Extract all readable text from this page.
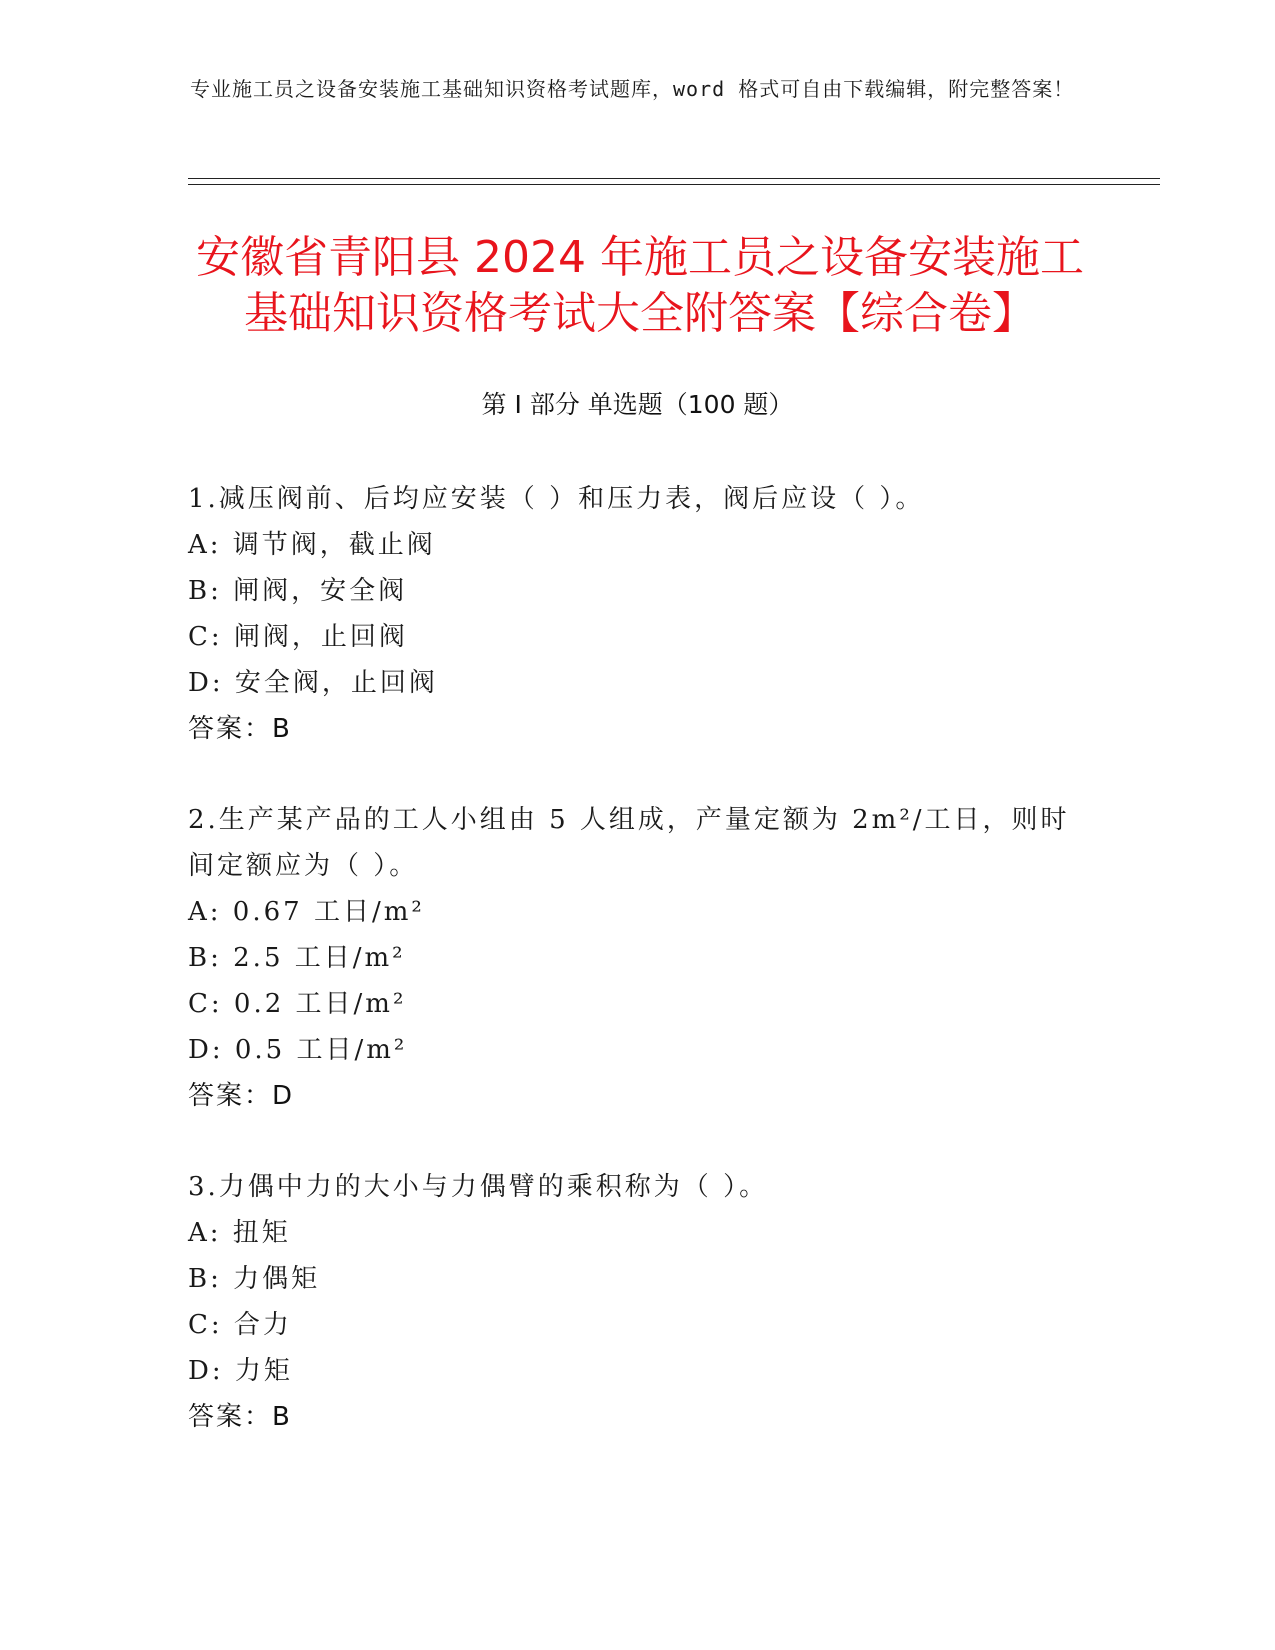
专业施工员之设备安装施工基础知识资格考试题库，word 格式可自由下载编辑，附完整答案！
安徽省青阳县 2024 年施工员之设备安装施工基础知识资格考试大全附答案【综合卷】
第 I 部分 单选题（100 题）

1.减压阀前、后均应安装（ ）和压力表，阀后应设（ ）。

A: 调节阀，截止阀

B: 闸阀，安全阀

C: 闸阀，止回阀

D: 安全阀，止回阀

答案：B

2.生产某产品的工人小组由 5 人组成，产量定额为 2m²/工日，则时间定额应为（ ）。

A: 0.67 工日/m²

B: 2.5 工日/m²

C: 0.2 工日/m²

D: 0.5 工日/m²

答案：D

3.力偶中力的大小与力偶臂的乘积称为（ ）。

A: 扭矩

B: 力偶矩

C: 合力

D: 力矩

答案：B
